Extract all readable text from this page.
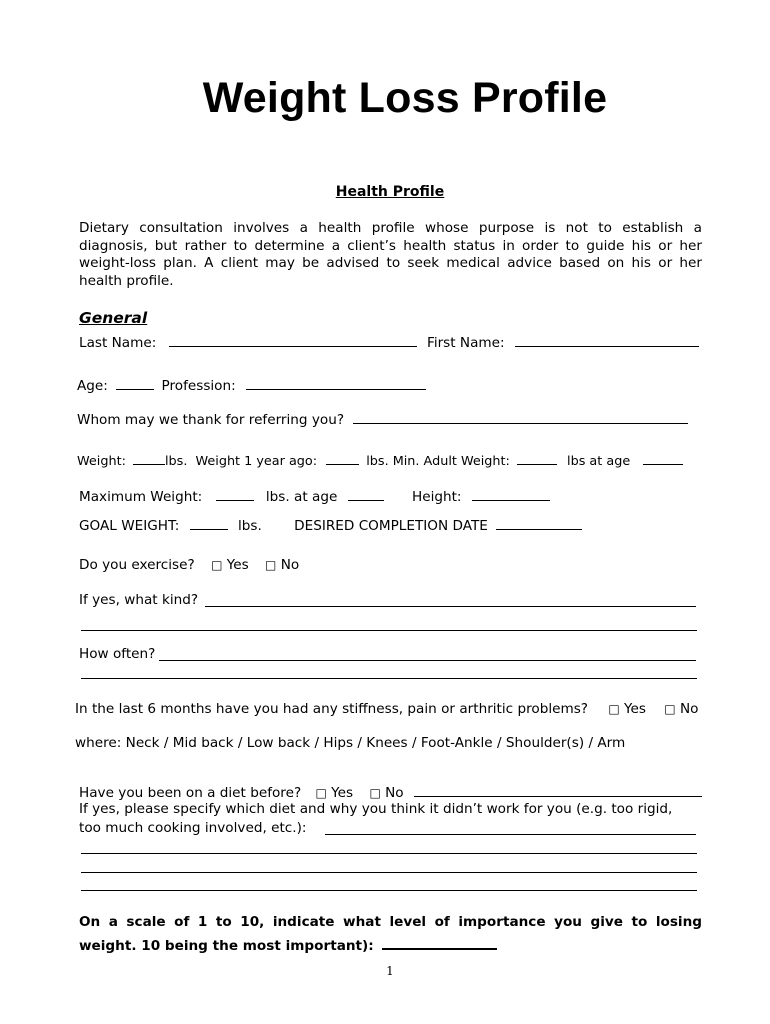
Weight Loss Profile
Health Profile
Dietary consultation involves a health profile whose purpose is not to establish a diagnosis, but rather to determine a client’s health status in order to guide his or her weight-loss plan. A client may be advised to seek medical advice based on his or her health profile.
General
Last Name:	First Name:
Age:	Profession:
Whom may we thank for referring you?
Weight:	lbs. Weight 1 year ago:	lbs. Min. Adult Weight:	lbs at age
Maximum Weight:	lbs. at age	Height:
GOAL WEIGHT:	lbs. DESIRED COMPLETION DATE
Do you exercise? □ Yes □ No
If yes, what kind?
How often?
In the last 6 months have you had any stiffness, pain or arthritic problems? □ Yes □ No
where: Neck / Mid back / Low back / Hips / Knees / Foot-Ankle / Shoulder(s) / Arm
Have you been on a diet before? □ Yes □ No
If yes, please specify which diet and why you think it didn’t work for you (e.g. too rigid,
too much cooking involved, etc.):
On a scale of 1 to 10, indicate what level of importance you give to losing weight. 10 being the most important):
1
